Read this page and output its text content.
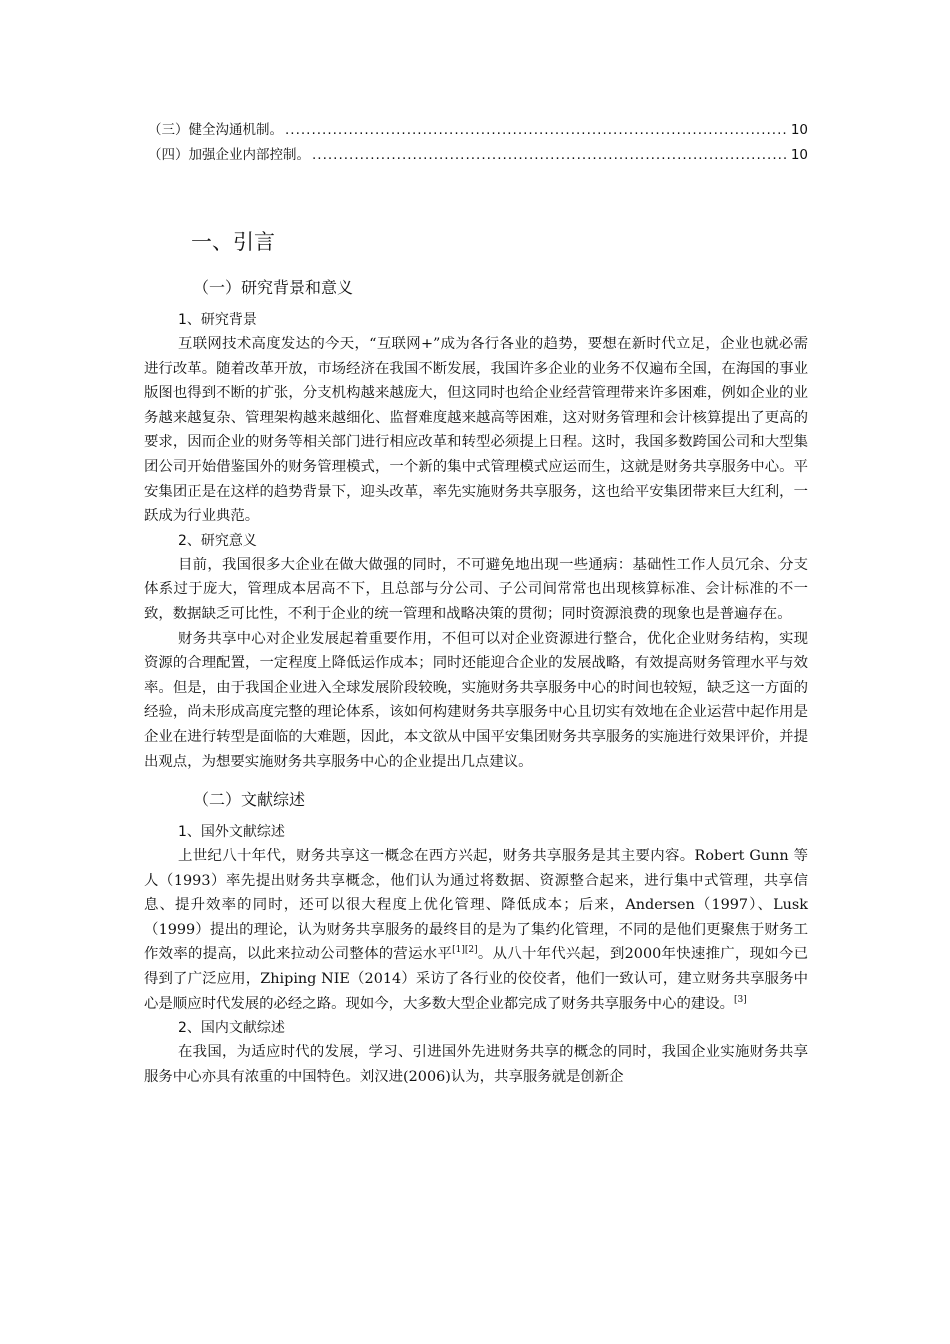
（三）健全沟通机制。 .....	10
（四）加强企业内部控制。 .....	10
一、引言
（一）研究背景和意义
1、研究背景

互联网技术高度发达的今天，“互联网+”成为各行各业的趋势，要想在新时代立足，企业也就必需进行改革。随着改革开放，市场经济在我国不断发展，我国许多企业的业务不仅遍布全国，在海国的事业版图也得到不断的扩张，分支机构越来越庞大，但这同时也给企业经营管理带来许多困难，例如企业的业务越来越复杂、管理架构越来越细化、监督难度越来越高等困难，这对财务管理和会计核算提出了更高的要求，因而企业的财务等相关部门进行相应改革和转型必须提上日程。这时，我国多数跨国公司和大型集团公司开始借鉴国外的财务管理模式，一个新的集中式管理模式应运而生，这就是财务共享服务中心。平安集团正是在这样的趋势背景下，迎头改革，率先实施财务共享服务，这也给平安集团带来巨大红利，一跃成为行业典范。

2、研究意义

目前，我国很多大企业在做大做强的同时，不可避免地出现一些通病：基础性工作人员冗余、分支体系过于庞大，管理成本居高不下，且总部与分公司、子公司间常常也出现核算标准、会计标准的不一致，数据缺乏可比性，不利于企业的统一管理和战略决策的贯彻；同时资源浪费的现象也是普遍存在。

财务共享中心对企业发展起着重要作用，不但可以对企业资源进行整合，优化企业财务结构，实现资源的合理配置，一定程度上降低运作成本；同时还能迎合企业的发展战略，有效提高财务管理水平与效率。但是，由于我国企业进入全球发展阶段较晚，实施财务共享服务中心的时间也较短，缺乏这一方面的经验，尚未形成高度完整的理论体系，该如何构建财务共享服务中心且切实有效地在企业运营中起作用是企业在进行转型是面临的大难题，因此，本文欲从中国平安集团财务共享服务的实施进行效果评价，并提出观点，为想要实施财务共享服务中心的企业提出几点建议。

（二）文献综述
1、国外文献综述

上世纪八十年代，财务共享这一概念在西方兴起，财务共享服务是其主要内容。Robert Gunn 等人（1993）率先提出财务共享概念，他们认为通过将数据、资源整合起来，进行集中式管理，共享信息、提升效率的同时，还可以很大程度上优化管理、降低成本；后来，Andersen（1997）、Lusk（1999）提出的理论，认为财务共享服务的最终目的是为了集约化管理，不同的是他们更聚焦于财务工作效率的提高，以此来拉动公司整体的营运水平[1][2]。从八十年代兴起，到2000年快速推广，现如今已得到了广泛应用，Zhiping NIE（2014）采访了各行业的佼佼者，他们一致认可，建立财务共享服务中心是顺应时代发展的必经之路。现如今，大多数大型企业都完成了财务共享服务中心的建设。[3]

2、国内文献综述

在我国，为适应时代的发展，学习、引进国外先进财务共享的概念的同时，我国企业实施财务共享服务中心亦具有浓重的中国特色。刘汉进(2006)认为，共享服务就是创新企
